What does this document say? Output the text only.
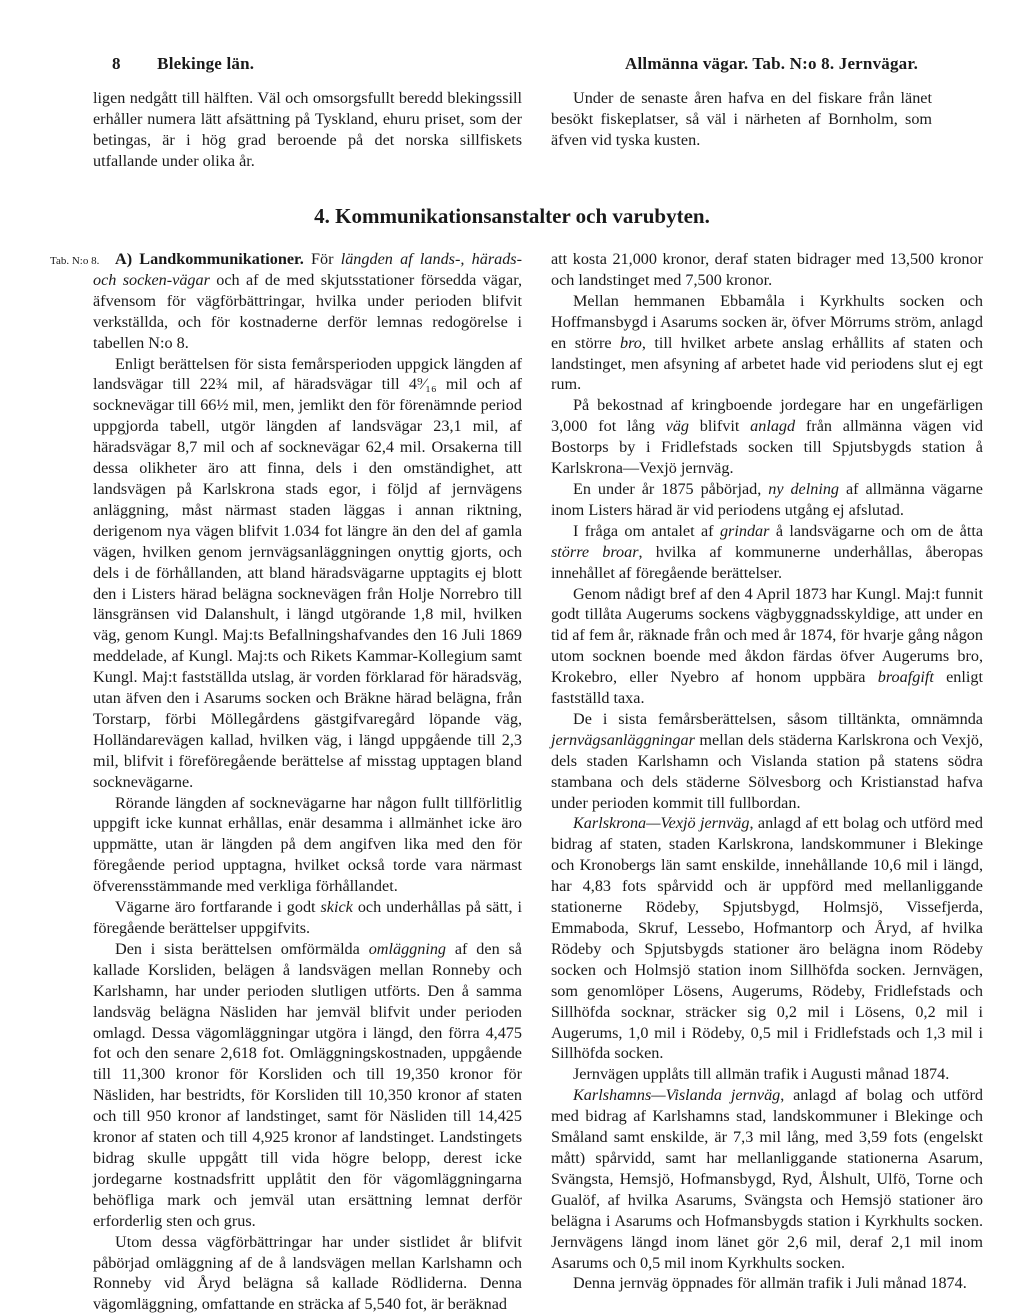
8 Blekinge län.	Allmänna vägar. Tab. N:o 8. Jernvägar.

ligen nedgått till hälften. Väl och omsorgsfullt beredd blekingssill erhåller numera lätt afsättning på Tyskland, ehuru priset, som der betingas, är i hög grad beroende på det norska sillfiskets utfallande under olika år.

Under de senaste åren hafva en del fiskare från länet besökt fiskeplatser, så väl i närheten af Bornholm, som äfven vid tyska kusten.

4. Kommunikationsanstalter och varubyten.
Tab. N:o 8. A) Landkommunikationer. För längden af lands-, härads- och socken-vägar och af de med skjutsstationer försedda vägar, äfvensom för vägförbättringar, hvilka under perioden blifvit verkställda, och för kostnaderne derför lemnas redogörelse i tabellen N:o 8.

Enligt berättelsen för sista femårsperioden uppgick längden af landsvägar till 22¾ mil, af häradsvägar till 4⁹⁄₁₆ mil och af socknevägar till 66½ mil, men, jemlikt den för förenämnde period uppgjorda tabell, utgör längden af landsvägar 23,1 mil, af häradsvägar 8,7 mil och af socknevägar 62,4 mil. Orsakerna till dessa olikheter äro att finna, dels i den omständighet, att landsvägen på Karlskrona stads egor, i följd af jernvägens anläggning, måst närmast staden läggas i annan riktning, derigenom nya vägen blifvit 1.034 fot längre än den del af gamla vägen, hvilken genom jernvägsanläggningen onyttig gjorts, och dels i de förhållanden, att bland häradsvägarne upptagits ej blott den i Listers härad belägna socknevägen från Holje Norrebro till länsgränsen vid Dalanshult, i längd utgörande 1,8 mil, hvilken väg, genom Kungl. Maj:ts Befallningshafvandes den 16 Juli 1869 meddelade, af Kungl. Maj:ts och Rikets Kammar-Kollegium samt Kungl. Maj:t fastställda utslag, är vorden förklarad för häradsväg, utan äfven den i Asarums socken och Bräkne härad belägna, från Torstarp, förbi Möllegårdens gästgifvaregård löpande väg, Holländarevägen kallad, hvilken väg, i längd uppgående till 2,3 mil, blifvit i föreföregående berättelse af misstag upptagen bland socknevägarne.

Rörande längden af socknevägarne har någon fullt tillförlitlig uppgift icke kunnat erhållas, enär desamma i allmänhet icke äro uppmätte, utan är längden på dem angifven lika med den för föregående period upptagna, hvilket också torde vara närmast öfverensstämmande med verkliga förhållandet.

Vägarne äro fortfarande i godt skick och underhållas på sätt, i föregående berättelser uppgifvits.

Den i sista berättelsen omförmälda omläggning af den så kallade Korsliden, belägen å landsvägen mellan Ronneby och Karlshamn, har under perioden slutligen utförts. Den å samma landsväg belägna Näsliden har jemväl blifvit under perioden omlagd. Dessa vägomläggningar utgöra i längd, den förra 4,475 fot och den senare 2,618 fot. Omläggningskostnaden, uppgående till 11,300 kronor för Korsliden och till 19,350 kronor för Näsliden, har bestridts, för Korsliden till 10,350 kronor af staten och till 950 kronor af landstinget, samt för Näsliden till 14,425 kronor af staten och till 4,925 kronor af landstinget. Landstingets bidrag skulle uppgått till vida högre belopp, derest icke jordegarne kostnadsfritt upplåtit den för vägomläggningarna behöfliga mark och jemväl utan ersättning lemnat derför erforderlig sten och grus.

Utom dessa vägförbättringar har under sistlidet år blifvit påbörjad omläggning af de å landsvägen mellan Karlshamn och Ronneby vid Åryd belägna så kallade Rödliderna. Denna vägomläggning, omfattande en sträcka af 5,540 fot, är beräknad

att kosta 21,000 kronor, deraf staten bidrager med 13,500 kronor och landstinget med 7,500 kronor.

Mellan hemmanen Ebbamåla i Kyrkhults socken och Hoffmansbygd i Asarums socken är, öfver Mörrums ström, anlagd en större bro, till hvilket arbete anslag erhållits af staten och landstinget, men afsyning af arbetet hade vid periodens slut ej egt rum.

På bekostnad af kringboende jordegare har en ungefärligen 3,000 fot lång väg blifvit anlagd från allmänna vägen vid Bostorps by i Fridlefstads socken till Spjutsbygds station å Karlskrona—Vexjö jernväg.

En under år 1875 påbörjad, ny delning af allmänna vägarne inom Listers härad är vid periodens utgång ej afslutad.

I fråga om antalet af grindar å landsvägarne och om de åtta större broar, hvilka af kommunerne underhållas, åberopas innehållet af föregående berättelser.

Genom nådigt bref af den 4 April 1873 har Kungl. Maj:t funnit godt tillåta Augerums sockens vägbyggnadsskyldige, att under en tid af fem år, räknade från och med år 1874, för hvarje gång någon utom socknen boende med åkdon färdas öfver Augerums bro, Krokebro, eller Nyebro af honom uppbära broafgift enligt fastställd taxa.

De i sista femårsberättelsen, såsom tilltänkta, omnämnda jernvägsanläggningar mellan dels städerna Karlskrona och Vexjö, dels staden Karlshamn och Vislanda station på statens södra stambana och dels städerne Sölvesborg och Kristianstad hafva under perioden kommit till fullbordan.

Karlskrona—Vexjö jernväg, anlagd af ett bolag och utförd med bidrag af staten, staden Karlskrona, landskommuner i Blekinge och Kronobergs län samt enskilde, innehållande 10,6 mil i längd, har 4,83 fots spårvidd och är uppförd med mellanliggande stationerne Rödeby, Spjutsbygd, Holmsjö, Vissefjerda, Emmaboda, Skruf, Lessebo, Hofmantorp och Åryd, af hvilka Rödeby och Spjutsbygds stationer äro belägna inom Rödeby socken och Holmsjö station inom Sillhöfda socken. Jernvägen, som genomlöper Lösens, Augerums, Rödeby, Fridlefstads och Sillhöfda socknar, sträcker sig 0,2 mil i Lösens, 0,2 mil i Augerums, 1,0 mil i Rödeby, 0,5 mil i Fridlefstads och 1,3 mil i Sillhöfda socken.

Jernvägen upplåts till allmän trafik i Augusti månad 1874.

Karlshamns—Vislanda jernväg, anlagd af bolag och utförd med bidrag af Karlshamns stad, landskommuner i Blekinge och Småland samt enskilde, är 7,3 mil lång, med 3,59 fots (engelskt mått) spårvidd, samt har mellanliggande stationerna Asarum, Svängsta, Hemsjö, Hofmansbygd, Ryd, Ålshult, Ulfö, Torne och Gualöf, af hvilka Asarums, Svängsta och Hemsjö stationer äro belägna i Asarums och Hofmansbygds station i Kyrkhults socken. Jernvägens längd inom länet gör 2,6 mil, deraf 2,1 mil inom Asarums och 0,5 mil inom Kyrkhults socken.

Denna jernväg öppnades för allmän trafik i Juli månad 1874.
